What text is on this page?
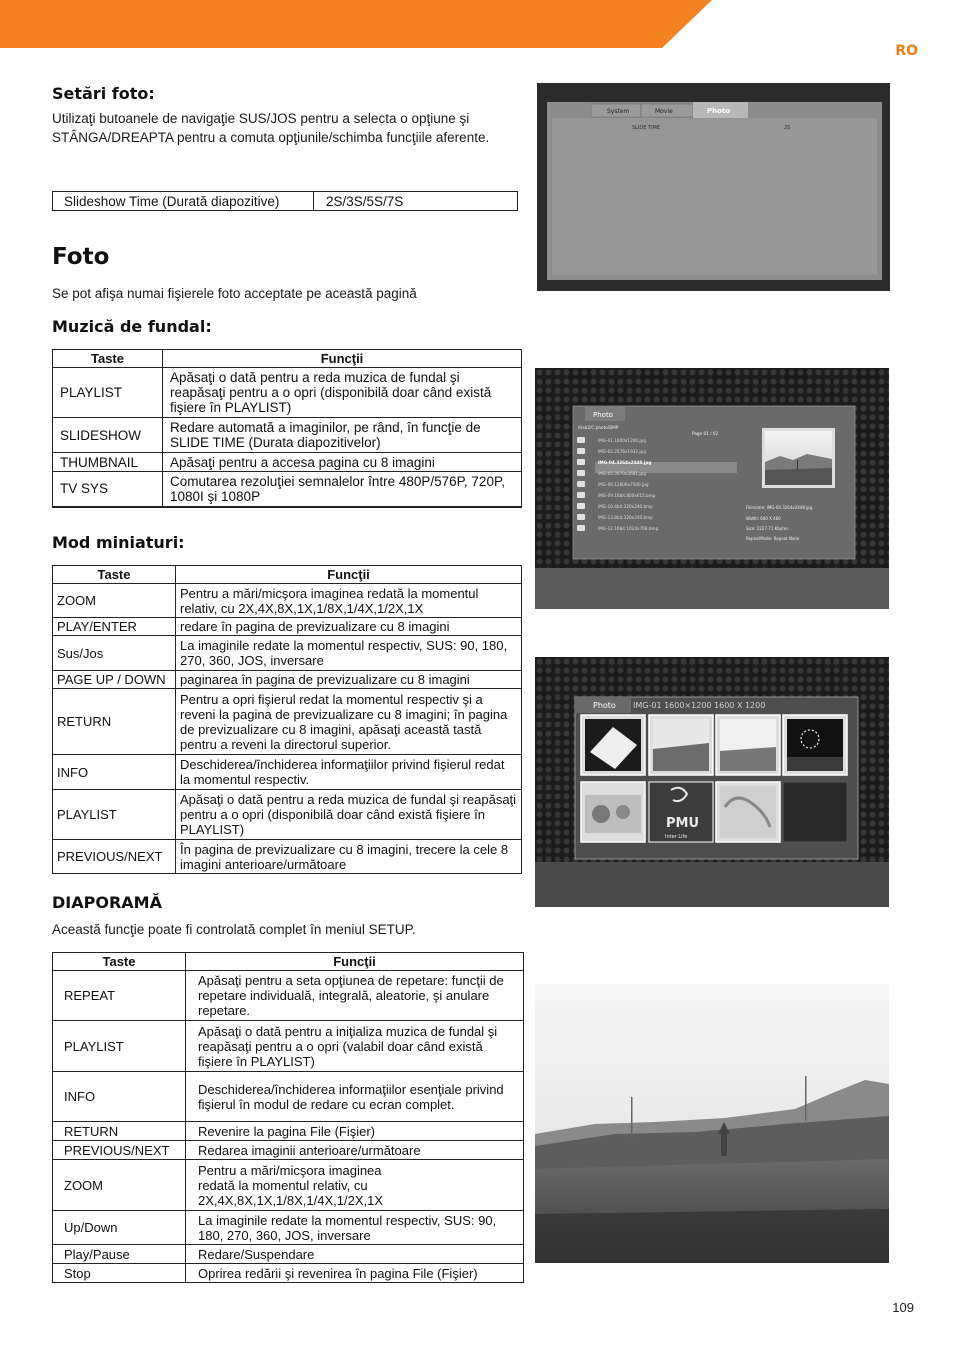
RO
Setări foto:
Utilizaţi butoanele de navigaţie SUS/JOS pentru a selecta o opţiune şi STÂNGA/DREAPTA pentru a comuta opţiunile/schimba funcţiile aferente.
Slideshow Time (Durată diapozitive)	2S/3S/5S/7S
Foto
Se pot afişa numai fişierele foto acceptate pe această pagină
Muzică de fundal:
Taste	Funcţii
PLAYLIST	Apăsaţi o dată pentru a reda muzica de fundal şi reapăsaţi pentru a o opri (disponibilă doar când există fişiere în PLAYLIST)
SLIDESHOW	Redare automată a imaginilor, pe rând, în funcţie de SLIDE TIME (Durata diapozitivelor)
THUMBNAIL	Apăsaţi pentru a accesa pagina cu 8 imagini
TV SYS	Comutarea rezoluţiei semnalelor între 480P/576P, 720P, 1080I şi 1080P
Mod miniaturi:
Taste	Funcţii
ZOOM	Pentru a mări/micşora imaginea redată la momentul relativ, cu 2X,4X,8X,1X,1/8X,1/4X,1/2X,1X
PLAY/ENTER	redare în pagina de previzualizare cu 8 imagini
Sus/Jos	La imaginile redate la momentul respectiv, SUS: 90, 180, 270, 360, JOS, inversare
PAGE UP / DOWN	paginarea în pagina de previzualizare cu 8 imagini
RETURN	Pentru a opri fişierul redat la momentul respectiv şi a reveni la pagina de previzualizare cu 8 imagini; în pagina de previzualizare cu 8 imagini, apăsaţi această tastă pentru a reveni la directorul superior.
INFO	Deschiderea/închiderea informaţiilor privind fişierul redat la momentul respectiv.
PLAYLIST	Apăsaţi o dată pentru a reda muzica de fundal şi reapăsaţi pentru a o opri (disponibilă doar când există fişiere în PLAYLIST)
PREVIOUS/NEXT	În pagina de previzualizare cu 8 imagini, trecere la cele 8 imagini anterioare/următoare
DIAPORAMĂ
Această funcţie poate fi controlată complet în meniul SETUP.
Taste	Funcţii
REPEAT	Apăsaţi pentru a seta opţiunea de repetare: funcţii de repetare individuală, integrală, aleatorie, şi anulare repetare.
PLAYLIST	Apăsaţi o dată pentru a iniţializa muzica de fundal şi reapăsaţi pentru a o opri (valabil doar când există fişiere în PLAYLIST)
INFO	Deschiderea/închiderea informaţiilor esenţiale privind fişierul în modul de redare cu ecran complet.
RETURN	Revenire la pagina File (Fişier)
PREVIOUS/NEXT	Redarea imaginii anterioare/următoare
ZOOM	Pentru a mări/micşora imaginea redată la momentul relativ, cu 2X,4X,8X,1X,1/8X,1/4X,1/2X,1X
Up/Down	La imaginile redate la momentul respectiv, SUS: 90, 180, 270, 360, JOS, inversare
Play/Pause	Redare/Suspendare
Stop	Oprirea redării şi revenirea în pagina File (Fişier)
System	Movie	Photo
SLIDE TIME	2S
Photo
/Usb2/C:photo/BMP
Page 01 / 02
IMG-01.1600x1200.jpg
IMG-02.2576x1932.jpg
IMG-04.3264x2448.jpg
IMG-05.3970x2681.jpg
IMG-06.12800x7500.jpg
IMG-09.16bit.800x615.bmp
IMG-10.4bit.320x240.bmp
IMG-13.8bit.320x240.bmp
IMG-12.16bit.1024x768.bmp
Filename: IMG-04.3264x2448.jpg
Width: 640 X 480
Size: 2227.71 Kbytes
RepeatMode: Repeat None
Photo IMG-01 1600×1200 1600 X 1200
PMU
Inter Life
109
